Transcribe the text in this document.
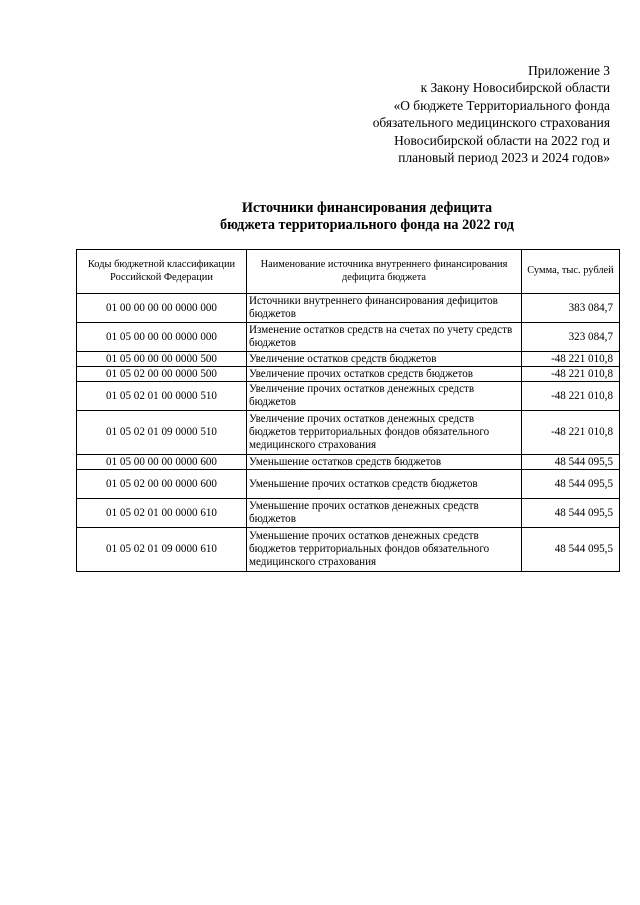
Приложение 3
к Закону Новосибирской области
«О бюджете Территориального фонда
обязательного медицинского страхования
Новосибирской области на 2022 год и
плановый период 2023 и 2024 годов»
Источники финансирования дефицита
бюджета территориального фонда на 2022 год
Коды бюджетной классификации Российской Федерации	Наименование источника внутреннего финансирования дефицита бюджета	Сумма, тыс. рублей
01 00 00 00 00 0000 000	Источники внутреннего финансирования дефицитов бюджетов	383 084,7
01 05 00 00 00 0000 000	Изменение остатков средств на счетах по учету средств бюджетов	323 084,7
01 05 00 00 00 0000 500	Увеличение остатков средств бюджетов	-48 221 010,8
01 05 02 00 00 0000 500	Увеличение прочих остатков средств бюджетов	-48 221 010,8
01 05 02 01 00 0000 510	Увеличение прочих остатков денежных средств бюджетов	-48 221 010,8
01 05 02 01 09 0000 510	Увеличение прочих остатков денежных средств бюджетов территориальных фондов обязательного медицинского страхования	-48 221 010,8
01 05 00 00 00 0000 600	Уменьшение остатков средств бюджетов	48 544 095,5
01 05 02 00 00 0000 600	Уменьшение прочих остатков средств бюджетов	48 544 095,5
01 05 02 01 00 0000 610	Уменьшение прочих остатков денежных средств бюджетов	48 544 095,5
01 05 02 01 09 0000 610	Уменьшение прочих остатков денежных средств бюджетов территориальных фондов обязательного медицинского страхования	48 544 095,5
